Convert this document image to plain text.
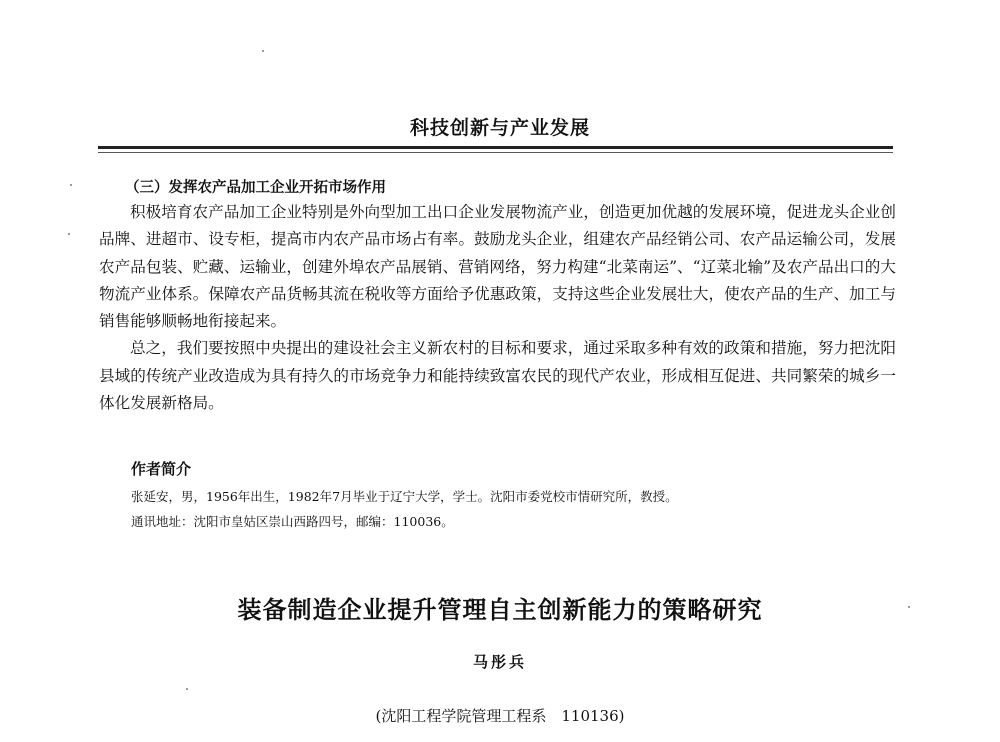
科技创新与产业发展
（三）发挥农产品加工企业开拓市场作用

积极培育农产品加工企业特别是外向型加工出口企业发展物流产业，创造更加优越的发展环境，促进龙头企业创品牌、进超市、设专柜，提高市内农产品市场占有率。鼓励龙头企业，组建农产品经销公司、农产品运输公司，发展农产品包装、贮藏、运输业，创建外埠农产品展销、营销网络，努力构建“北菜南运”、“辽菜北输”及农产品出口的大物流产业体系。保障农产品货畅其流在税收等方面给予优惠政策，支持这些企业发展壮大，使农产品的生产、加工与销售能够顺畅地衔接起来。

总之，我们要按照中央提出的建设社会主义新农村的目标和要求，通过采取多种有效的政策和措施，努力把沈阳县域的传统产业改造成为具有持久的市场竞争力和能持续致富农民的现代产农业，形成相互促进、共同繁荣的城乡一体化发展新格局。

作者简介
张延安，男，1956年出生，1982年7月毕业于辽宁大学，学士。沈阳市委党校市情研究所，教授。
通讯地址：沈阳市皇姑区崇山西路四号，邮编：110036。
装备制造企业提升管理自主创新能力的策略研究
马彤兵
(沈阳工程学院管理工程系　110136)
